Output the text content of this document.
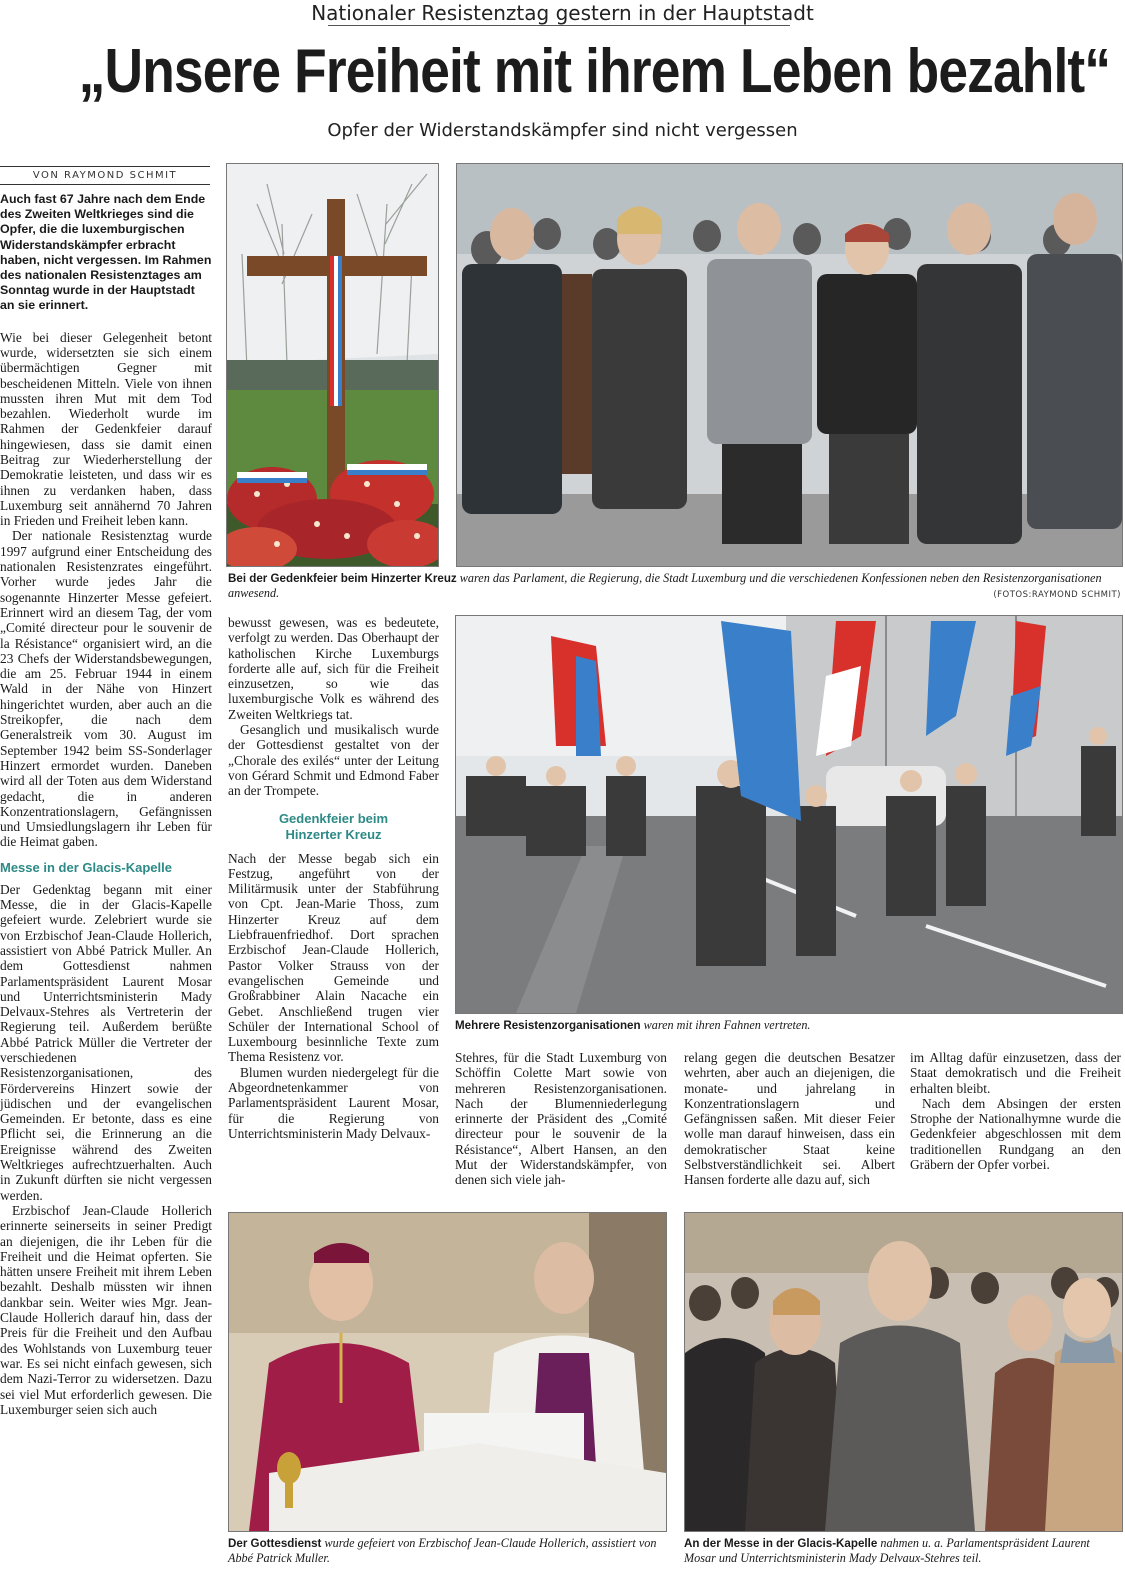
Nationaler Resistenztag gestern in der Hauptstadt
„Unsere Freiheit mit ihrem Leben bezahlt“
Opfer der Widerstandskämpfer sind nicht vergessen
VON RAYMOND SCHMIT
Auch fast 67 Jahre nach dem Ende des Zweiten Weltkrieges sind die Opfer, die die luxemburgischen Widerstandskämpfer erbracht haben, nicht vergessen. Im Rahmen des nationalen Resistenztages am Sonntag wurde in der Hauptstadt an sie erinnert.

Wie bei dieser Gelegenheit betont wurde, widersetzten sie sich einem übermächtigen Gegner mit bescheidenen Mitteln. Viele von ihnen mussten ihren Mut mit dem Tod bezahlen. Wiederholt wurde im Rahmen der Gedenkfeier darauf hingewiesen, dass sie damit einen Beitrag zur Wiederherstellung der Demokratie leisteten, und dass wir es ihnen zu verdanken haben, dass Luxemburg seit annähernd 70 Jahren in Frieden und Freiheit leben kann.

Der nationale Resistenztag wurde 1997 aufgrund einer Entscheidung des nationalen Resistenzrates eingeführt. Vorher wurde jedes Jahr die sogenannte Hinzerter Messe gefeiert. Erinnert wird an diesem Tag, der vom „Comité directeur pour le souvenir de la Résistance“ organisiert wird, an die 23 Chefs der Widerstandsbewegungen, die am 25. Februar 1944 in einem Wald in der Nähe von Hinzert hingerichtet wurden, aber auch an die Streikopfer, die nach dem Generalstreik vom 30. August im September 1942 beim SS-Sonderlager Hinzert ermordet wurden. Daneben wird all der Toten aus dem Widerstand gedacht, die in anderen Konzentrationslagern, Gefängnissen und Umsiedlungslagern ihr Leben für die Heimat gaben.

Messe in der Glacis-Kapelle

Der Gedenktag begann mit einer Messe, die in der Glacis-Kapelle gefeiert wurde. Zelebriert wurde sie von Erzbischof Jean-Claude Hollerich, assistiert von Abbé Patrick Muller. An dem Gottesdienst nahmen Parlamentspräsident Laurent Mosar und Unterrichtsministerin Mady Delvaux-Stehres als Vertreterin der Regierung teil. Außerdem berüßte Abbé Patrick Müller die Vertreter der verschiedenen Resistenzorganisationen, des Fördervereins Hinzert sowie der jüdischen und der evangelischen Gemeinden. Er betonte, dass es eine Pflicht sei, die Erinnerung an die Ereignisse während des Zweiten Weltkrieges aufrechtzuerhalten. Auch in Zukunft dürften sie nicht vergessen werden.

Erzbischof Jean-Claude Hollerich erinnerte seinerseits in seiner Predigt an diejenigen, die ihr Leben für die Freiheit und die Heimat opferten. Sie hätten unsere Freiheit mit ihrem Leben bezahlt. Deshalb müssten wir ihnen dankbar sein. Weiter wies Mgr. Jean-Claude Hollerich darauf hin, dass der Preis für die Freiheit und den Aufbau des Wohlstands von Luxemburg teuer war. Es sei nicht einfach gewesen, sich dem Nazi-Terror zu widersetzen. Dazu sei viel Mut erforderlich gewesen. Die Luxemburger seien sich auch

Bei der Gedenkfeier beim Hinzerter Kreuz waren das Parlament, die Regierung, die Stadt Luxemburg und die verschiedenen Konfessionen neben den Resistenzorganisationen anwesend.	(FOTOS:RAYMOND SCHMIT)

bewusst gewesen, was es bedeutete, verfolgt zu werden. Das Oberhaupt der katholischen Kirche Luxemburgs forderte alle auf, sich für die Freiheit einzusetzen, so wie das luxemburgische Volk es während des Zweiten Weltkriegs tat.

Gesanglich und musikalisch wurde der Gottesdienst gestaltet von der „Chorale des exilés“ unter der Leitung von Gérard Schmit und Edmond Faber an der Trompete.

Gedenkfeier beim Hinzerter Kreuz

Nach der Messe begab sich ein Festzug, angeführt von der Militärmusik unter der Stabführung von Cpt. Jean-Marie Thoss, zum Hinzerter Kreuz auf dem Liebfrauenfriedhof. Dort sprachen Erzbischof Jean-Claude Hollerich, Pastor Volker Strauss von der evangelischen Gemeinde und Großrabbiner Alain Nacache ein Gebet. Anschließend trugen vier Schüler der International School of Luxembourg besinnliche Texte zum Thema Resistenz vor.

Blumen wurden niedergelegt für die Abgeordnetenkammer von Parlamentspräsident Laurent Mosar, für die Regierung von Unterrichtsministerin Mady Delvaux-

Mehrere Resistenzorganisationen waren mit ihren Fahnen vertreten.

Stehres, für die Stadt Luxemburg von Schöffin Colette Mart sowie von mehreren Resistenzorganisationen. Nach der Blumenniederlegung erinnerte der Präsident des „Comité directeur pour le souvenir de la Résistance“, Albert Hansen, an den Mut der Widerstandskämpfer, von denen sich viele jah-

relang gegen die deutschen Besatzer wehrten, aber auch an diejenigen, die monate- und jahrelang in Konzentrationslagern und Gefängnissen saßen. Mit dieser Feier wolle man darauf hinweisen, dass ein demokratischer Staat keine Selbstverständlichkeit sei. Albert Hansen forderte alle dazu auf, sich

im Alltag dafür einzusetzen, dass der Staat demokratisch und die Freiheit erhalten bleibt.

Nach dem Absingen der ersten Strophe der Nationalhymne wurde die Gedenkfeier abgeschlossen mit dem traditionellen Rundgang an den Gräbern der Opfer vorbei.

Der Gottesdienst wurde gefeiert von Erzbischof Jean-Claude Hollerich, assistiert von Abbé Patrick Muller.
An der Messe in der Glacis-Kapelle nahmen u. a. Parlamentspräsident Laurent Mosar und Unterrichtsministerin Mady Delvaux-Stehres teil.
